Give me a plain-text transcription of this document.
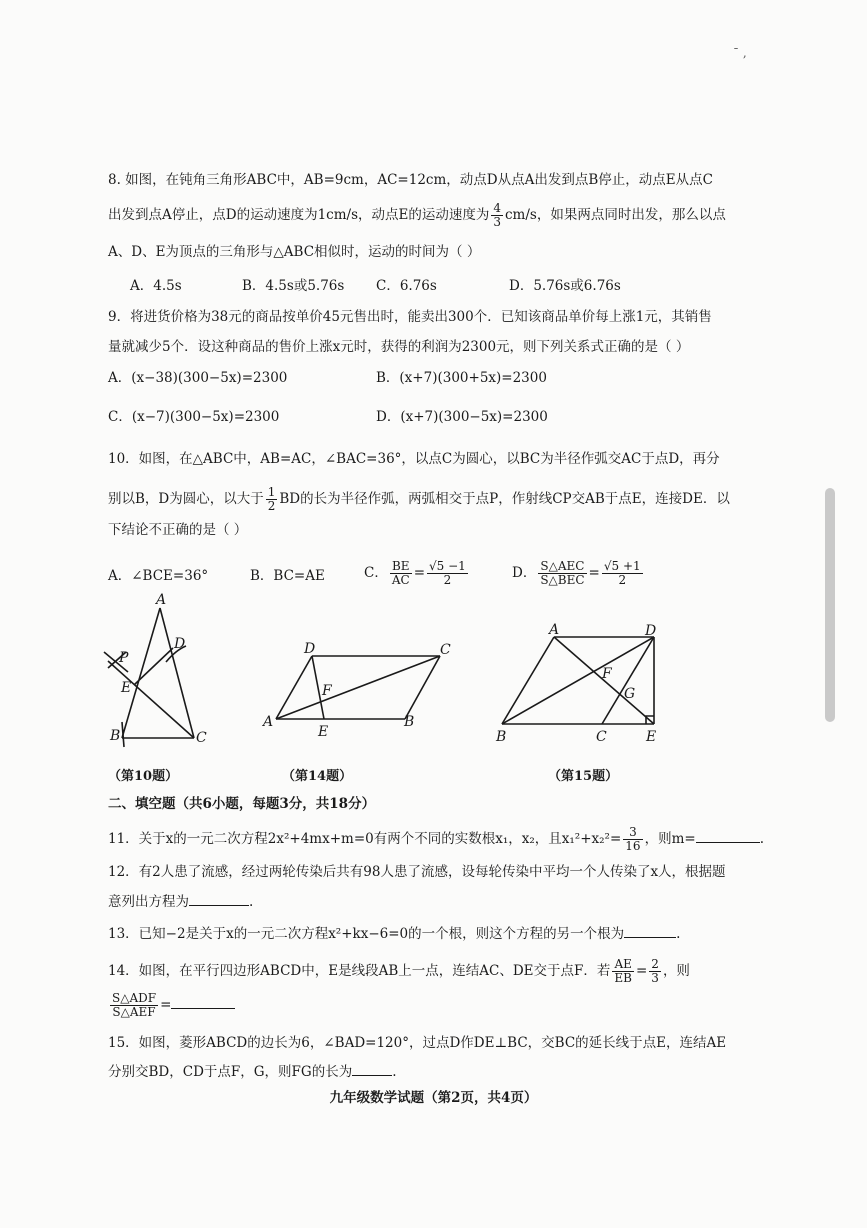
ˉ ,
8. 如图，在钝角三角形ABC中，AB=9cm，AC=12cm，动点D从点A出发到点B停止，动点E从点C
出发到点A停止，点D的运动速度为1cm/s，动点E的运动速度为 $\frac{4}{3} cm/s$，如果两点同时出发，那么以点
A、D、E为顶点的三角形与△ABC相似时，运动的时间为（ ）
A．4.5s	B．4.5s或5.76s C．6.76s	D．5.76s或6.76s
9．将进货价格为38元的商品按单价45元售出时，能卖出300个．已知该商品单价每上涨1元，其销售
量就减少5个．设这种商品的售价上涨x元时，获得的利润为2300元，则下列关系式正确的是（ ）
A．(x−38)(300−5x)=2300	B．(x+7)(300+5x)=2300
C．(x−7)(300−5x)=2300	D．(x+7)(300−5x)=2300
10．如图，在△ABC中，AB=AC，∠BAC=36°，以点C为圆心，以BC为半径作弧交AC于点D，再分
别以B，D为圆心，以大于 $\frac{1}{2}$ BD的长为半径作弧，两弧相交于点P，作射线CP交AB于点E，连接DE．以
下结论不正确的是（ ）
A．∠BCE=36°	B．BC=AE	C． $\frac{BE}{AC} = \frac{√5 -1}{2}$	D． $\frac{\text{S△AEC}}{\text{S△BEC}} = \frac{√5 +1}{2}$
A
D
P
E
B	C
D	C
F
A
E
B
A	D
F
G
B	C	E
（第10题）	（第14题）	（第15题）
二、填空题（共6小题，每题3分，共18分）
11．关于x的一元二次方程2x²+4mx+m=0有两个不同的实数根x₁，x₂，且$x_1^2+x_2^2= \frac{3}{16}$ ，则m=	.
12．有2人患了流感，经过两轮传染后共有98人患了流感，设每轮传染中平均一个人传染了x人，根据题
意列出方程为	.
13．已知−2是关于x的一元二次方程x²+kx−6=0的一个根，则这个方程的另一个根为	.
14．如图，在平行四边形ABCD中，E是线段AB上一点，连结AC、DE交于点F．若 $\frac{AE}{EB} = \frac{2}{3}$ ，则
$\frac{\text{S△ADF}}{\text{S△AEF}}$ =
15．如图，菱形ABCD的边长为6，∠BAD=120°，过点D作DE⊥BC，交BC的延长线于点E，连结AE
分别交BD，CD于点F，G，则FG的长为	.
九年级数学试题（第2页，共4页）
